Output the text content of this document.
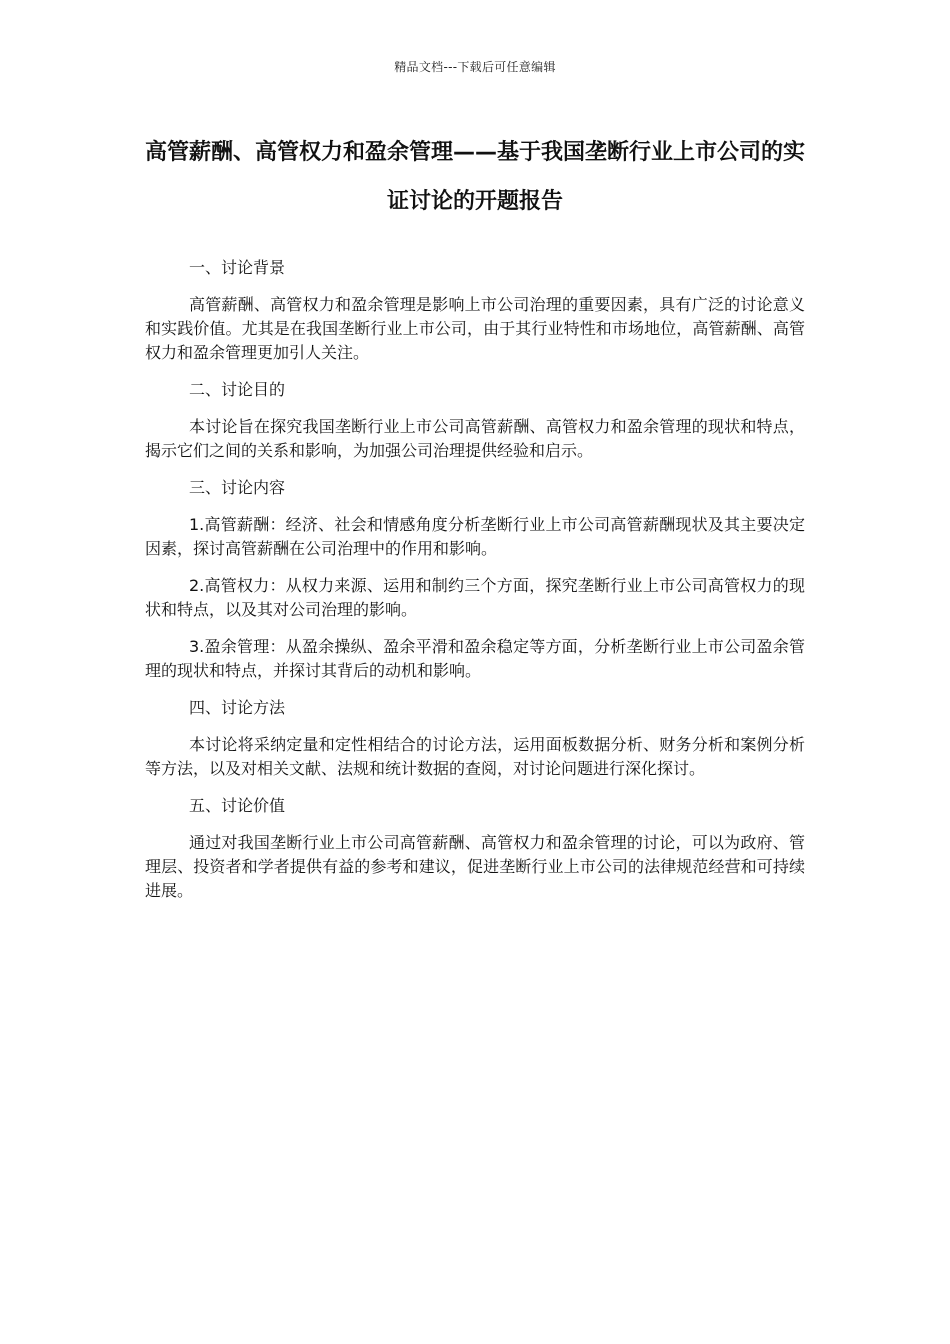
精品文档---下载后可任意编辑
高管薪酬、高管权力和盈余管理——基于我国垄断行业上市公司的实证讨论的开题报告

一、讨论背景

高管薪酬、高管权力和盈余管理是影响上市公司治理的重要因素，具有广泛的讨论意义和实践价值。尤其是在我国垄断行业上市公司，由于其行业特性和市场地位，高管薪酬、高管权力和盈余管理更加引人关注。

二、讨论目的

本讨论旨在探究我国垄断行业上市公司高管薪酬、高管权力和盈余管理的现状和特点，揭示它们之间的关系和影响，为加强公司治理提供经验和启示。

三、讨论内容

1.高管薪酬：经济、社会和情感角度分析垄断行业上市公司高管薪酬现状及其主要决定因素，探讨高管薪酬在公司治理中的作用和影响。

2.高管权力：从权力来源、运用和制约三个方面，探究垄断行业上市公司高管权力的现状和特点，以及其对公司治理的影响。

3.盈余管理：从盈余操纵、盈余平滑和盈余稳定等方面，分析垄断行业上市公司盈余管理的现状和特点，并探讨其背后的动机和影响。

四、讨论方法

本讨论将采纳定量和定性相结合的讨论方法，运用面板数据分析、财务分析和案例分析等方法，以及对相关文献、法规和统计数据的查阅，对讨论问题进行深化探讨。

五、讨论价值

通过对我国垄断行业上市公司高管薪酬、高管权力和盈余管理的讨论，可以为政府、管理层、投资者和学者提供有益的参考和建议，促进垄断行业上市公司的法律规范经营和可持续进展。
